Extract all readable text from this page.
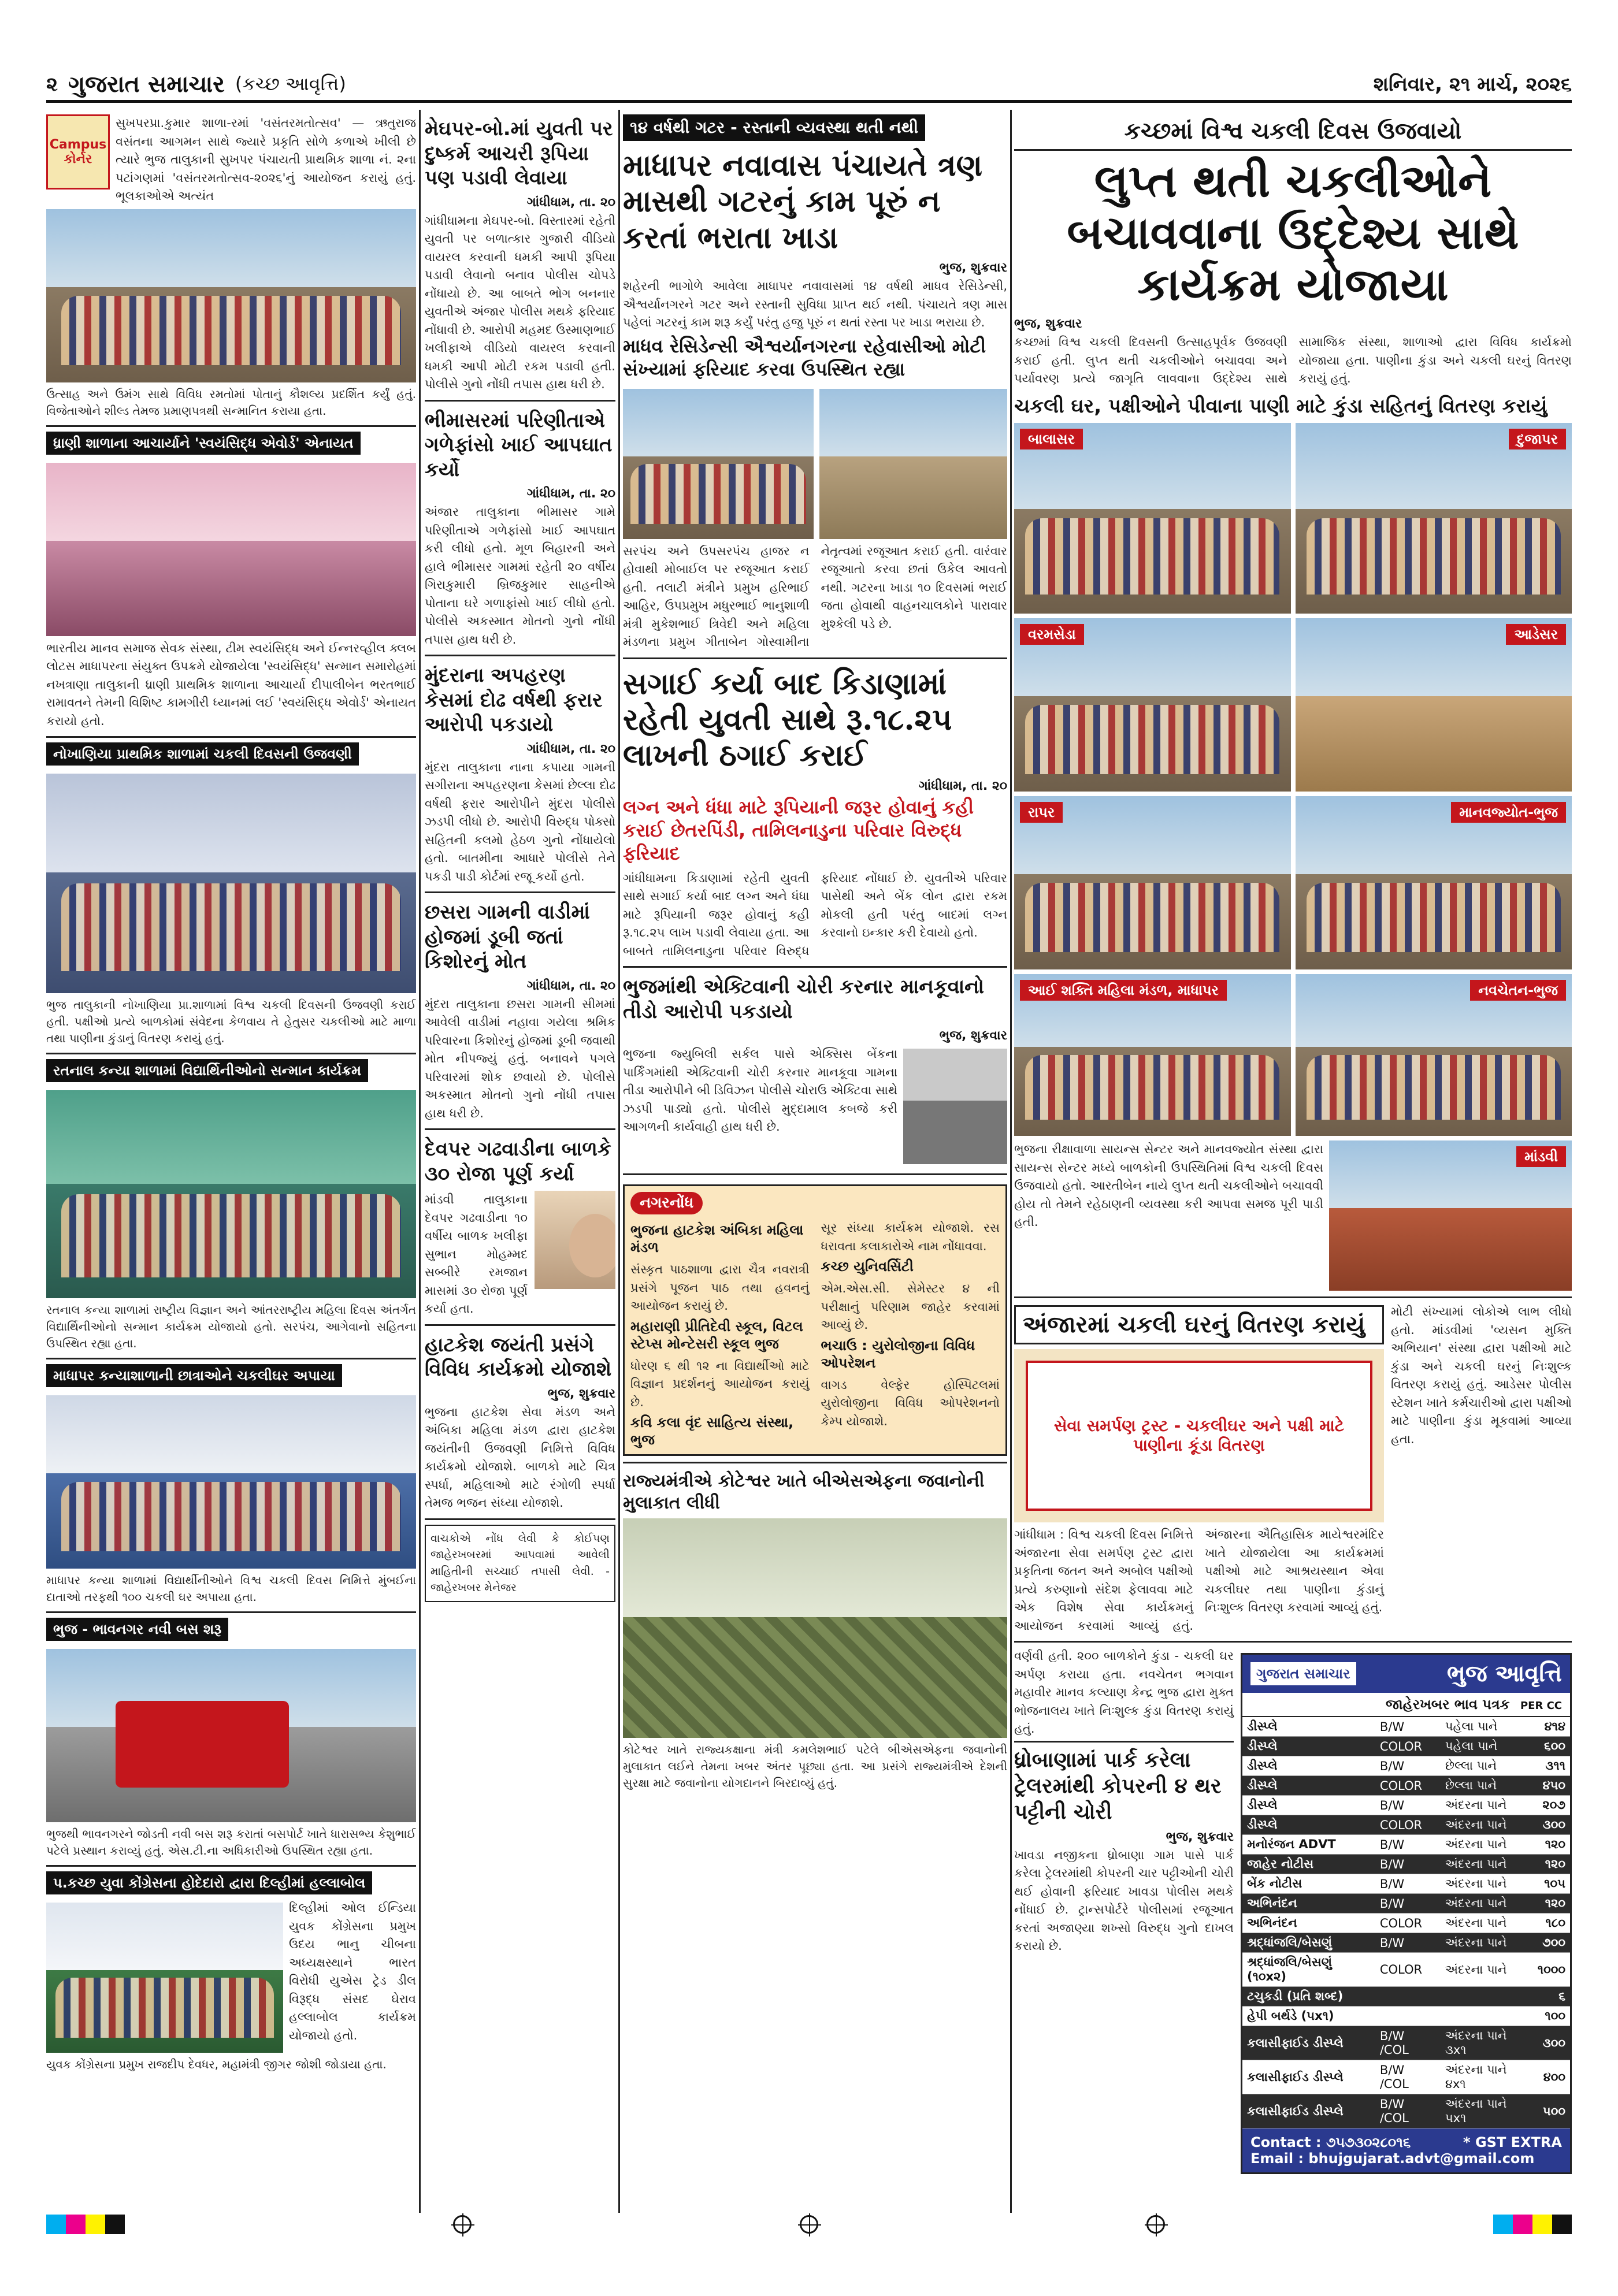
૨ ગુજરાત સમાચાર (કચ્છ આવૃત્તિ)	શનિવાર, ૨૧ માર્ચ, ૨૦૨૬
Campus કોર્નર
સુખપરપ્રા.કુમાર શાળા-રમાં 'વસંતરમતોત્સવ' — ઋતુરાજ વસંતના આગમન સાથે જ્યારે પ્રકૃતિ સોળે કળાએ ખીલી છે ત્યારે ભુજ તાલુકાની સુખપર પંચાયતી પ્રાથમિક શાળા નં. ૨ના પટાંગણમાં 'વસંતરમતોત્સવ-૨૦૨૬'નું આયોજન કરાયું હતું. ભૂલકાઓએ અત્યંત
ઉત્સાહ અને ઉમંગ સાથે વિવિધ રમતોમાં પોતાનું કૌશલ્ય પ્રદર્શિત કર્યું હતું. વિજેતાઓને શીલ્ડ તેમજ પ્રમાણપત્રથી સન્માનિત કરાયા હતા.
ધ્રાણી શાળાના આચાર્યાને 'સ્વયંસિદ્ધ એવોર્ડ' એનાયત
ભારતીય માનવ સમાજ સેવક સંસ્થા, ટીમ સ્વયંસિદ્ધ અને ઈન્નરવ્હીલ ક્લબ લોટસ માધાપરના સંયુક્ત ઉપક્રમે યોજાયેલા 'સ્વયંસિદ્ધ' સન્માન સમારોહમાં નખત્રાણા તાલુકાની ધ્રાણી પ્રાથમિક શાળાના આચાર્યા દીપાલીબેન ભરતભાઈ રામાવતને તેમની વિશિષ્ટ કામગીરી ધ્યાનમાં લઈ 'સ્વયંસિદ્ધ એવોર્ડ' એનાયત કરાયો હતો.
નોખાણિયા પ્રાથમિક શાળામાં ચકલી દિવસની ઉજવણી
ભુજ તાલુકાની નોખાણિયા પ્રા.શાળામાં વિશ્વ ચકલી દિવસની ઉજવણી કરાઈ હતી. પક્ષીઓ પ્રત્યે બાળકોમાં સંવેદના કેળવાય તે હેતુસર ચકલીઓ માટે માળા તથા પાણીના કુંડાનું વિતરણ કરાયું હતું.
રતનાલ કન્યા શાળામાં વિદ્યાર્થિનીઓનો સન્માન કાર્યક્રમ
રતનાલ કન્યા શાળામાં રાષ્ટ્રીય વિજ્ઞાન અને આંતરરાષ્ટ્રીય મહિલા દિવસ અંતર્ગત વિદ્યાર્થિનીઓનો સન્માન કાર્યક્રમ યોજાયો હતો. સરપંચ, આગેવાનો સહિતના ઉપસ્થિત રહ્યા હતા.
માધાપર કન્યાશાળાની છાત્રાઓને ચકલીઘર અપાયા
માધાપર કન્યા શાળામાં વિદ્યાર્થીનીઓને વિશ્વ ચકલી દિવસ નિમિત્તે મુંબઈના દાતાઓ તરફથી ૧૦૦ ચકલી ઘર અપાયા હતા.
ભુજ - ભાવનગર નવી બસ શરૂ
ભુજથી ભાવનગરને જોડતી નવી બસ શરૂ કરાતાં બસપોર્ટ ખાતે ધારાસભ્ય કેશુભાઈ પટેલે પ્રસ્થાન કરાવ્યું હતું. એસ.ટી.ના અધિકારીઓ ઉપસ્થિત રહ્યા હતા.
પ.કચ્છ યુવા કોંગ્રેસના હોદેદારો દ્વારા દિલ્હીમાં હલ્લાબોલ
દિલ્હીમાં ઓલ ઈન્ડિયા યુવક કોંગ્રેસના પ્રમુખ ઉદય ભાનુ ચીબના અધ્યક્ષસ્થાને ભારત વિરોધી યુએસ ટ્રેડ ડીલ વિરૂદ્ધ સંસદ ઘેરાવ હલ્લાબોલ કાર્યક્રમ યોજાયો હતો.
યુવક કોંગ્રેસના પ્રમુખ રાજદીપ દેવધર, મહામંત્રી જીગર જોશી જોડાયા હતા.
મેઘપર-બો.માં યુવતી પર દુષ્કર્મ આચરી રૂપિયા પણ પડાવી લેવાયા
ગાંધીધામ, તા. ૨૦
ગાંધીધામના મેઘપર-બો. વિસ્તારમાં રહેતી યુવતી પર બળાત્કાર ગુજારી વીડિયો વાયરલ કરવાની ધમકી આપી રૂપિયા પડાવી લેવાનો બનાવ પોલીસ ચોપડે નોંધાયો છે. આ બાબતે ભોગ બનનાર યુવતીએ અંજાર પોલીસ મથકે ફરિયાદ નોંધાવી છે. આરોપી મહમદ ઉસ્માણભાઈ ખલીફાએ વીડિયો વાયરલ કરવાની ધમકી આપી મોટી રકમ પડાવી હતી. પોલીસે ગુનો નોંધી તપાસ હાથ ધરી છે.
ભીમાસરમાં પરિણીતાએ ગળેફાંસો ખાઈ આપઘાત કર્યો
ગાંધીધામ, તા. ૨૦
અંજાર તાલુકાના ભીમાસર ગામે પરિણીતાએ ગળેફાંસો ખાઈ આપઘાત કરી લીધો હતો. મૂળ બિહારની અને હાલે ભીમાસર ગામમાં રહેતી ૨૦ વર્ષીય ગિરાકુમારી બ્રિજકુમાર સાહનીએ પોતાના ઘરે ગળાફાંસો ખાઈ લીધો હતો. પોલીસે અકસ્માત મોતનો ગુનો નોંધી તપાસ હાથ ધરી છે.
મુંદરાના અપહરણ કેસમાં દોઢ વર્ષથી ફરાર આરોપી પકડાયો
ગાંધીધામ, તા. ૨૦
મુંદરા તાલુકાના નાના કપાયા ગામની સગીરાના અપહરણના કેસમાં છેલ્લા દોઢ વર્ષથી ફરાર આરોપીને મુંદરા પોલીસે ઝડપી લીધો છે. આરોપી વિરુદ્ધ પોક્સો સહિતની કલમો હેઠળ ગુનો નોંધાયેલો હતો. બાતમીના આધારે પોલીસે તેને પકડી પાડી કોર્ટમાં રજૂ કર્યો હતો.
છસરા ગામની વાડીમાં હોજમાં ડૂબી જતાં કિશોરનું મોત
ગાંધીધામ, તા. ૨૦
મુંદરા તાલુકાના છસરા ગામની સીમમાં આવેલી વાડીમાં નહાવા ગયેલા શ્રમિક પરિવારના કિશોરનું હોજમાં ડૂબી જવાથી મોત નીપજ્યું હતું. બનાવને પગલે પરિવારમાં શોક છવાયો છે. પોલીસે અકસ્માત મોતનો ગુનો નોંધી તપાસ હાથ ધરી છે.
દેવપર ગઢવાડીના બાળકે ૩૦ રોજા પૂર્ણ કર્યા
માંડવી તાલુકાના દેવપર ગઢવાડીના ૧૦ વર્ષીય બાળક ખલીફા સુભાન મોહમ્મદ સબ્બીરે રમજાન માસમાં ૩૦ રોજા પૂર્ણ કર્યા હતા.
હાટકેશ જયંતી પ્રસંગે વિવિધ કાર્યક્રમો યોજાશે
ભુજ, શુક્રવાર
ભુજના હાટકેશ સેવા મંડળ અને અંબિકા મહિલા મંડળ દ્વારા હાટકેશ જયંતીની ઉજવણી નિમિત્તે વિવિધ કાર્યક્રમો યોજાશે. બાળકો માટે ચિત્ર સ્પર્ધા, મહિલાઓ માટે રંગોળી સ્પર્ધા તેમજ ભજન સંધ્યા યોજાશે.
વાચકોએ નોંધ લેવી કે કોઈપણ જાહેરખબરમાં આપવામાં આવેલી માહિતીની સચ્ચાઈ તપાસી લેવી. - જાહેરખબર મેનેજર
૧૪ વર્ષથી ગટર - રસ્તાની વ્યવસ્થા થતી નથી
માધાપર નવાવાસ પંચાયતે ત્રણ માસથી ગટરનું કામ પૂરું ન કરતાં ભરાતા ખાડા
ભુજ, શુક્રવાર
શહેરની ભાગોળે આવેલા માધાપર નવાવાસમાં ૧૪ વર્ષથી માધવ રેસિડેન્સી, ઐશ્વર્યાનગરને ગટર અને રસ્તાની સુવિધા પ્રાપ્ત થઈ નથી. પંચાયતે ત્રણ માસ પહેલાં ગટરનું કામ શરૂ કર્યું પરંતુ હજુ પૂરું ન થતાં રસ્તા પર ખાડા ભરાયા છે.
માધવ રેસિડેન્સી ઐશ્વર્યાનગરના રહેવાસીઓ મોટી સંખ્યામાં ફરિયાદ કરવા ઉપસ્થિત રહ્યા
સરપંચ અને ઉપસરપંચ હાજર ન હોવાથી મોબાઈલ પર રજૂઆત કરાઈ હતી. તલાટી મંત્રીને પ્રમુખ હરિભાઈ આહિર, ઉપપ્રમુખ મધુરભાઈ ભાનુશાળી મંત્રી મુકેશભાઈ ત્રિવેદી અને મહિલા મંડળના પ્રમુખ ગીતાબેન ગોસ્વામીના નેતૃત્વમાં રજૂઆત કરાઈ હતી. વારંવાર રજૂઆતો કરવા છતાં ઉકેલ આવતો નથી. ગટરના ખાડા ૧૦ દિવસમાં ભરાઈ જતા હોવાથી વાહનચાલકોને પારાવાર મુશ્કેલી પડે છે.
સગાઈ કર્યા બાદ કિડાણામાં રહેતી યુવતી સાથે રૂ.૧૮.૨૫ લાખની ઠગાઈ કરાઈ
ગાંધીધામ, તા. ૨૦
લગ્ન અને ધંધા માટે રૂપિયાની જરૂર હોવાનું કહી કરાઈ છેતરપિંડી, તામિલનાડુના પરિવાર વિરુદ્ધ ફરિયાદ
ગાંધીધામના કિડાણામાં રહેતી યુવતી સાથે સગાઈ કર્યા બાદ લગ્ન અને ધંધા માટે રૂપિયાની જરૂર હોવાનું કહી રૂ.૧૮.૨૫ લાખ પડાવી લેવાયા હતા. આ બાબતે તામિલનાડુના પરિવાર વિરુદ્ધ ફરિયાદ નોંધાઈ છે. યુવતીએ પરિવાર પાસેથી અને બેંક લોન દ્વારા રકમ મોકલી હતી પરંતુ બાદમાં લગ્ન કરવાનો ઇન્કાર કરી દેવાયો હતો.
ભુજમાંથી એક્ટિવાની ચોરી કરનાર માનકૂવાનો તીડો આરોપી પકડાયો
ભુજ, શુક્રવાર
ભુજના જ્યુબિલી સર્કલ પાસે એક્સિસ બેંકના પાર્કિંગમાંથી એક્ટિવાની ચોરી કરનાર માનકૂવા ગામના તીડા આરોપીને બી ડિવિઝન પોલીસે ચોરાઉ એક્ટિવા સાથે ઝડપી પાડ્યો હતો. પોલીસે મુદ્દામાલ કબજે કરી આગળની કાર્યવાહી હાથ ધરી છે.
નગરનોંધ
ભુજના હાટકેશ અંબિકા મહિલા મંડળ
સંસ્કૃત પાઠશાળા દ્વારા ચૈત્ર નવરાત્રી પ્રસંગે પૂજન પાઠ તથા હવનનું આયોજન કરાયું છે.
મહારાણી પ્રીતિદેવી સ્કૂલ, વિટલ સ્ટેપ્સ મોન્ટેસરી સ્કૂલ ભુજ
ધોરણ ૬ થી ૧૨ ના વિદ્યાર્થીઓ માટે વિજ્ઞાન પ્રદર્શનનું આયોજન કરાયું છે.
કવિ કલા વૃંદ સાહિત્ય સંસ્થા, ભુજ
સૂર સંધ્યા કાર્યક્રમ યોજાશે. રસ ધરાવતા કલાકારોએ નામ નોંધાવવા.
કચ્છ યુનિવર્સિટી
એમ.એસ.સી. સેમેસ્ટર ૪ ની પરીક્ષાનું પરિણામ જાહેર કરવામાં આવ્યું છે.
ભચાઉ : યુરોલોજીના વિવિધ ઓપરેશન
વાગડ વેલ્ફેર હોસ્પિટલમાં યુરોલોજીના વિવિધ ઓપરેશનનો કેમ્પ યોજાશે.
રાજ્યમંત્રીએ કોટેશ્વર ખાતે બીએસએફના જવાનોની મુલાકાત લીધી
કોટેશ્વર ખાતે રાજ્યકક્ષાના મંત્રી કમલેશભાઈ પટેલે બીએસએફના જવાનોની મુલાકાત લઈને તેમના ખબર અંતર પૂછ્યા હતા. આ પ્રસંગે રાજ્યમંત્રીએ દેશની સુરક્ષા માટે જવાનોના યોગદાનને બિરદાવ્યું હતું.
કચ્છમાં વિશ્વ ચકલી દિવસ ઉજવાયો
લુપ્ત થતી ચકલીઓને બચાવવાના ઉદ્દેશ્ય સાથે કાર્યક્રમ યોજાયા
ભુજ, શુક્રવાર
કચ્છમાં વિશ્વ ચકલી દિવસની ઉત્સાહપૂર્વક ઉજવણી કરાઈ હતી. લુપ્ત થતી ચકલીઓને બચાવવા અને પર્યાવરણ પ્રત્યે જાગૃતિ લાવવાના ઉદ્દેશ્ય સાથે સામાજિક સંસ્થા, શાળાઓ દ્વારા વિવિધ કાર્યક્રમો યોજાયા હતા. પાણીના કુંડા અને ચકલી ઘરનું વિતરણ કરાયું હતું.
ચકલી ઘર, પક્ષીઓને પીવાના પાણી માટે કુંડા સહિતનું વિતરણ કરાયું
બાલાસર	દુજાપર
વરમસેડા	આડેસર
રાપર	માનવજ્યોત-ભુજ
આઈ શક્તિ મહિલા મંડળ, માધાપર	નવચેતન-ભુજ
ભુજના રીક્ષાવાળા સાયન્સ સેન્ટર અને માનવજ્યોત સંસ્થા દ્વારા સાયન્સ સેન્ટર મધ્યે બાળકોની ઉપસ્થિતિમાં વિશ્વ ચકલી દિવસ ઉજવાયો હતો. આરતીબેન નાયે લુપ્ત થતી ચકલીઓને બચાવવી હોય તો તેમને રહેઠાણની વ્યવસ્થા કરી આપવા સમજ પૂરી પાડી હતી.
માંડવી
અંજારમાં ચકલી ઘરનું વિતરણ કરાયું
સેવા સમર્પણ ટ્રસ્ટ - ચકલીઘર અને પક્ષી માટે પાણીના કૂંડા વિતરણ
ગાંધીધામ : વિશ્વ ચકલી દિવસ નિમિત્તે અંજારના સેવા સમર્પણ ટ્રસ્ટ દ્વારા પ્રકૃતિના જતન અને અબોલ પક્ષીઓ પ્રત્યે કરુણાનો સંદેશ ફેલાવવા માટે એક વિશેષ સેવા કાર્યક્રમનું આયોજન કરવામાં આવ્યું હતું. અંજારના ઐતિહાસિક માયેશ્વરમંદિર ખાતે યોજાયેલા આ કાર્યક્રમમાં પક્ષીઓ માટે આશ્રયસ્થાન એવા ચકલીઘર તથા પાણીના કુંડાનું નિઃશુલ્ક વિતરણ કરવામાં આવ્યું હતું.
મોટી સંખ્યામાં લોકોએ લાભ લીધો હતો. માંડવીમાં 'વ્યસન મુક્તિ અભિયાન' સંસ્થા દ્વારા પક્ષીઓ માટે કુંડા અને ચકલી ઘરનું નિઃશુલ્ક વિતરણ કરાયું હતું. આડેસર પોલીસ સ્ટેશન ખાતે કર્મચારીઓ દ્વારા પક્ષીઓ માટે પાણીના કુંડા મૂકવામાં આવ્યા હતા.
વર્ણવી હતી. ૨૦૦ બાળકોને કુંડા - ચકલી ઘર અર્પણ કરાયા હતા. નવચેતન ભગવાન મહાવીર માનવ કલ્યાણ કેન્દ્ર ભુજ દ્વારા મુક્ત ભોજનાલય ખાતે નિઃશુલ્ક કુંડા વિતરણ કરાયું હતું.
ધ્રોબાણામાં પાર્ક કરેલા ટ્રેલરમાંથી કોપરની ૪ થર પટ્ટીની ચોરી
ભુજ, શુક્રવાર
ખાવડા નજીકના ધ્રોબાણા ગામ પાસે પાર્ક કરેલા ટ્રેલરમાંથી કોપરની ચાર પટ્ટીઓની ચોરી થઈ હોવાની ફરિયાદ ખાવડા પોલીસ મથકે નોંધાઈ છે. ટ્રાન્સપોર્ટરે પોલીસમાં રજૂઆત કરતાં અજાણ્યા શખ્સો વિરુદ્ધ ગુનો દાખલ કરાયો છે.
ગુજરાત સમાચાર	ભુજ આવૃત્તિ
જાહેરખબર ભાવ પત્રક PER CC
ડીસ્પ્લે	B/W	પહેલા પાને	૪૧૪
ડીસ્પ્લે	COLOR	પહેલા પાને	૬૦૦
ડીસ્પ્લે	B/W	છેલ્લા પાને	૩૧૧
ડીસ્પ્લે	COLOR	છેલ્લા પાને	૪૫૦
ડીસ્પ્લે	B/W	અંદરના પાને	૨૦૭
ડીસ્પ્લે	COLOR	અંદરના પાને	૩૦૦
મનોરંજન ADVT	B/W	અંદરના પાને	૧૨૦
જાહેર નોટીસ	B/W	અંદરના પાને	૧૨૦
બેંક નોટીસ	B/W	અંદરના પાને	૧૦૫
અભિનંદન	B/W	અંદરના પાને	૧૨૦
અભિનંદન	COLOR	અંદરના પાને	૧૮૦
શ્રદ્ધાંજલિ/બેસણું	B/W	અંદરના પાને	૭૦૦
શ્રદ્ધાંજલિ/બેસણું (૧૦x૨)	COLOR	અંદરના પાને	૧૦૦૦
ટચુકડી (પ્રતિ શબ્દ)			૬
હેપી બર્થડે (૫x૧)			૧૦૦
કલાસીફાઈડ ડીસ્પ્લે	B/W /COL	અંદરના પાને ૩x૧	૩૦૦
કલાસીફાઈડ ડીસ્પ્લે	B/W /COL	અંદરના પાને ૪x૧	૪૦૦
કલાસીફાઈડ ડીસ્પ્લે	B/W /COL	અંદરના પાને ૫x૧	૫૦૦
Contact : ૭૫૭૩૦૨૮૦૧૬	* GST EXTRA
Email : bhujgujarat.advt@gmail.com
